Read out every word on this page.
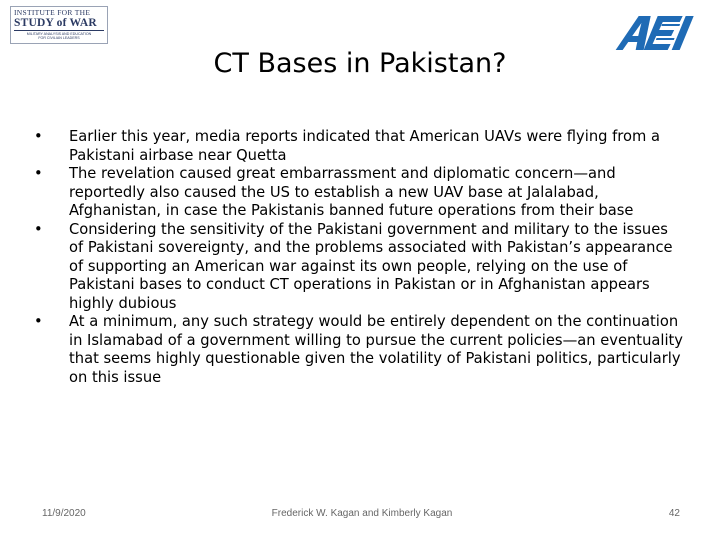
INSTITUTE FOR THE
STUDY of WAR
MILITARY ANALYSIS AND EDUCATION
FOR CIVILIAN LEADERS
CT Bases in Pakistan?
•	Earlier this year, media reports indicated that American UAVs were flying from a Pakistani airbase near Quetta
•	The revelation caused great embarrassment and diplomatic concern—and reportedly also caused the US to establish a new UAV base at Jalalabad, Afghanistan, in case the Pakistanis banned future operations from their base
•	Considering the sensitivity of the Pakistani government and military to the issues of Pakistani sovereignty, and the problems associated with Pakistan’s appearance of supporting an American war against its own people, relying on the use of Pakistani bases to conduct CT operations in Pakistan or in Afghanistan appears highly dubious
•	At a minimum, any such strategy would be entirely dependent on the continuation in Islamabad of a government willing to pursue the current policies—an eventuality that seems highly questionable given the volatility of Pakistani politics, particularly on this issue
11/9/2020	Frederick W. Kagan and Kimberly Kagan	42
